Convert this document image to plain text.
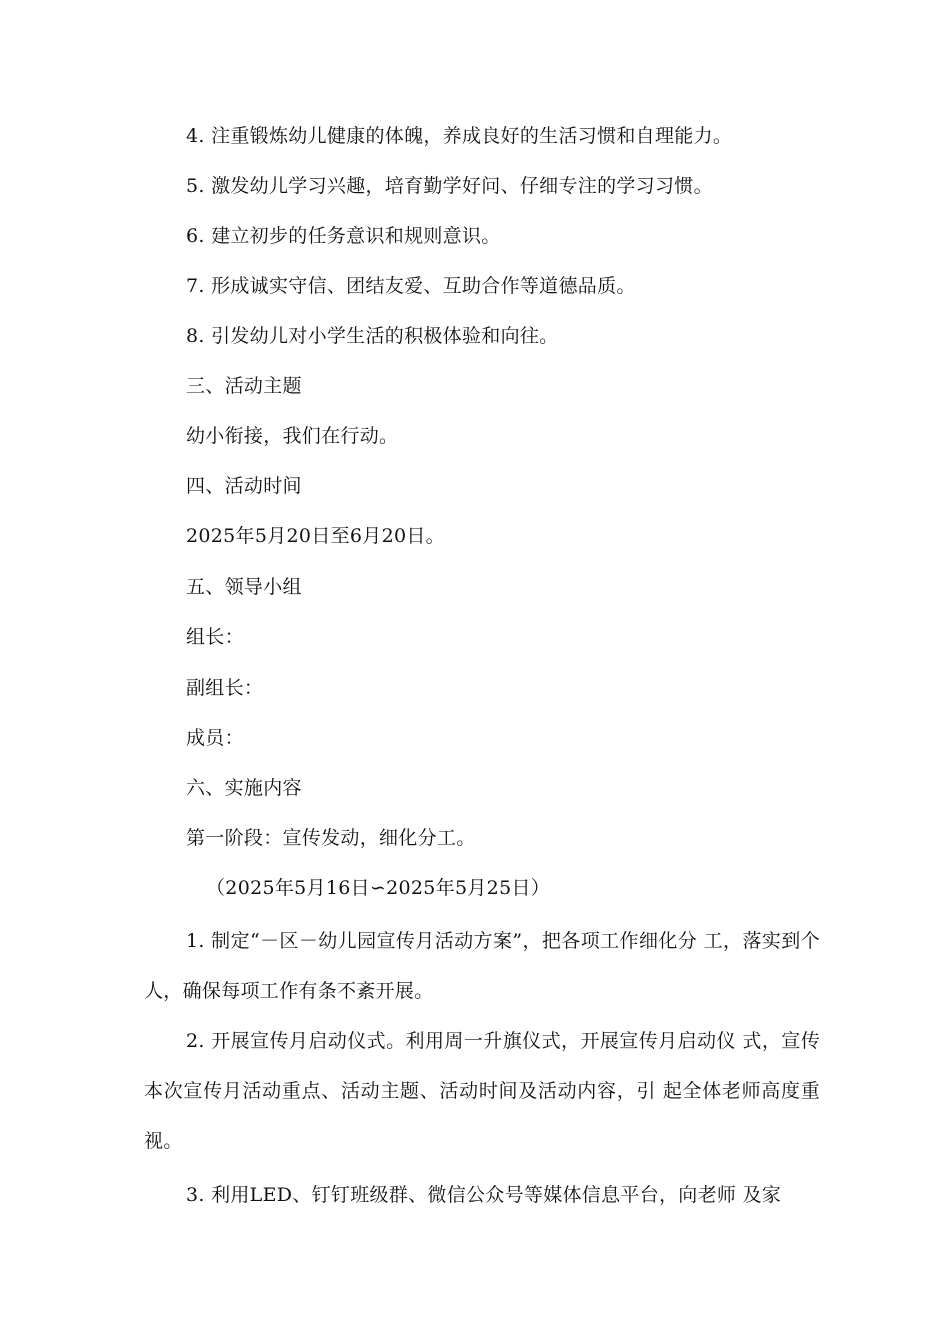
4. 注重锻炼幼儿健康的体魄，养成良好的生活习惯和自理能力。
5. 激发幼儿学习兴趣，培育勤学好问、仔细专注的学习习惯。
6. 建立初步的任务意识和规则意识。
7. 形成诚实守信、团结友爱、互助合作等道德品质。
8. 引发幼儿对小学生活的积极体验和向往。
三、活动主题
幼小衔接，我们在行动。
四、活动时间
2025年5月20日至6月20日。
五、领导小组
组长：
副组长：
成员：
六、实施内容
第一阶段：宣传发动，细化分工。
（2025年5月16日∽2025年5月25日）
1. 制定“－区－幼儿园宣传月活动方案”，把各项工作细化分 工，落实到个人，确保每项工作有条不紊开展。
2. 开展宣传月启动仪式。利用周一升旗仪式，开展宣传月启动仪 式，宣传本次宣传月活动重点、活动主题、活动时间及活动内容，引 起全体老师高度重视。
3. 利用LED、钉钉班级群、微信公众号等媒体信息平台，向老师 及家
